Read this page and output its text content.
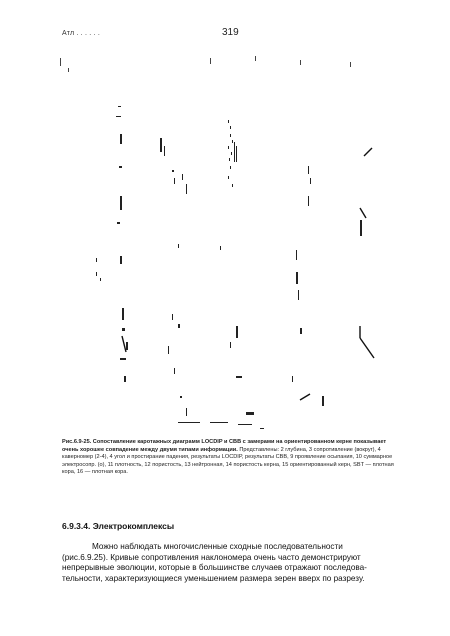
Атл . . . . . .	319
Рис.6.9-25. Сопоставление каротажных диаграмм LOCDIP и CBB с замерами на ориентированном керне показывает очень хорошее совпадение между двумя типами информации. Представлены: 2 глубина, 3 сопротивление (вокруг), 4 каверномер (2-4), 4 угол и простирание падения, результаты LOCDIP, результаты CBB, 9 проявление осыпания, 10 суммарное электросопр. (о), 11 плотность, 12 пористость, 13 нейтронная, 14 пористость керна, 15 ориентированный керн, SBT — плотная кора, 16 — плотная кора.
6.9.3.4. Электрокомплексы
Можно наблюдать многочисленные сходные последовательности
(рис.6.9.25). Кривые сопротивления наклономера очень часто демонстрируют
непрерывные эволюции, которые в большинстве случаев отражают последова-
тельности, характеризующиеся уменьшением размера зерен вверх по разрезу.
